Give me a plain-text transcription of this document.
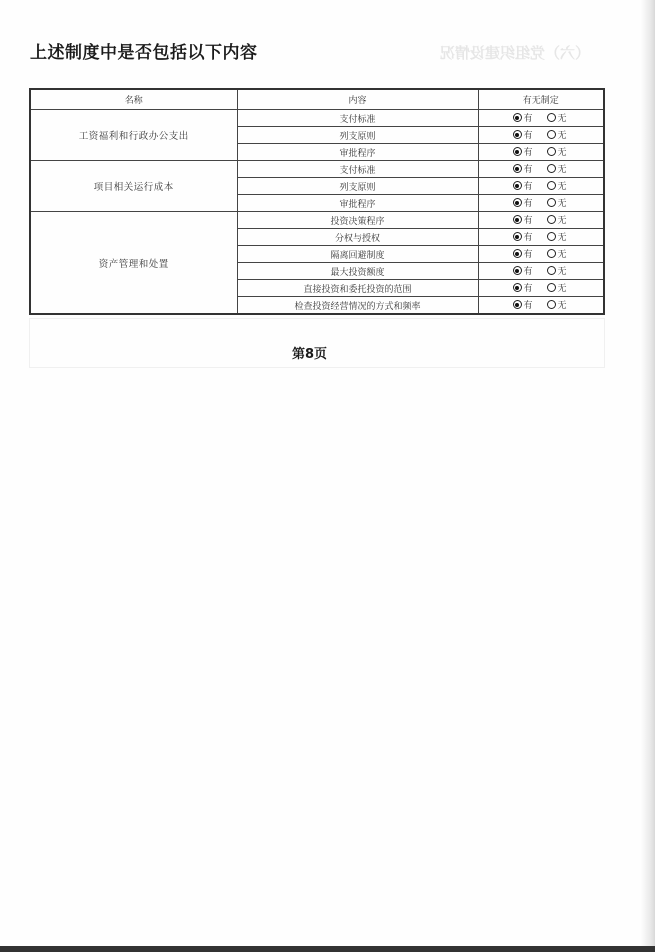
（六）党组织建设情况
上述制度中是否包括以下内容
名称	内容	有无制定
工资福利和行政办公支出	支付标准	有 无

	列支原则	有 无

	审批程序	有 无

项目相关运行成本	支付标准	有 无

	列支原则	有 无

	审批程序	有 无

资产管理和处置	投资决策程序	有 无

	分权与授权	有 无

	隔离回避制度	有 无

	最大投资额度	有 无

	直接投资和委托投资的范围	有 无

	检查投资经营情况的方式和频率	有 无
第8页
